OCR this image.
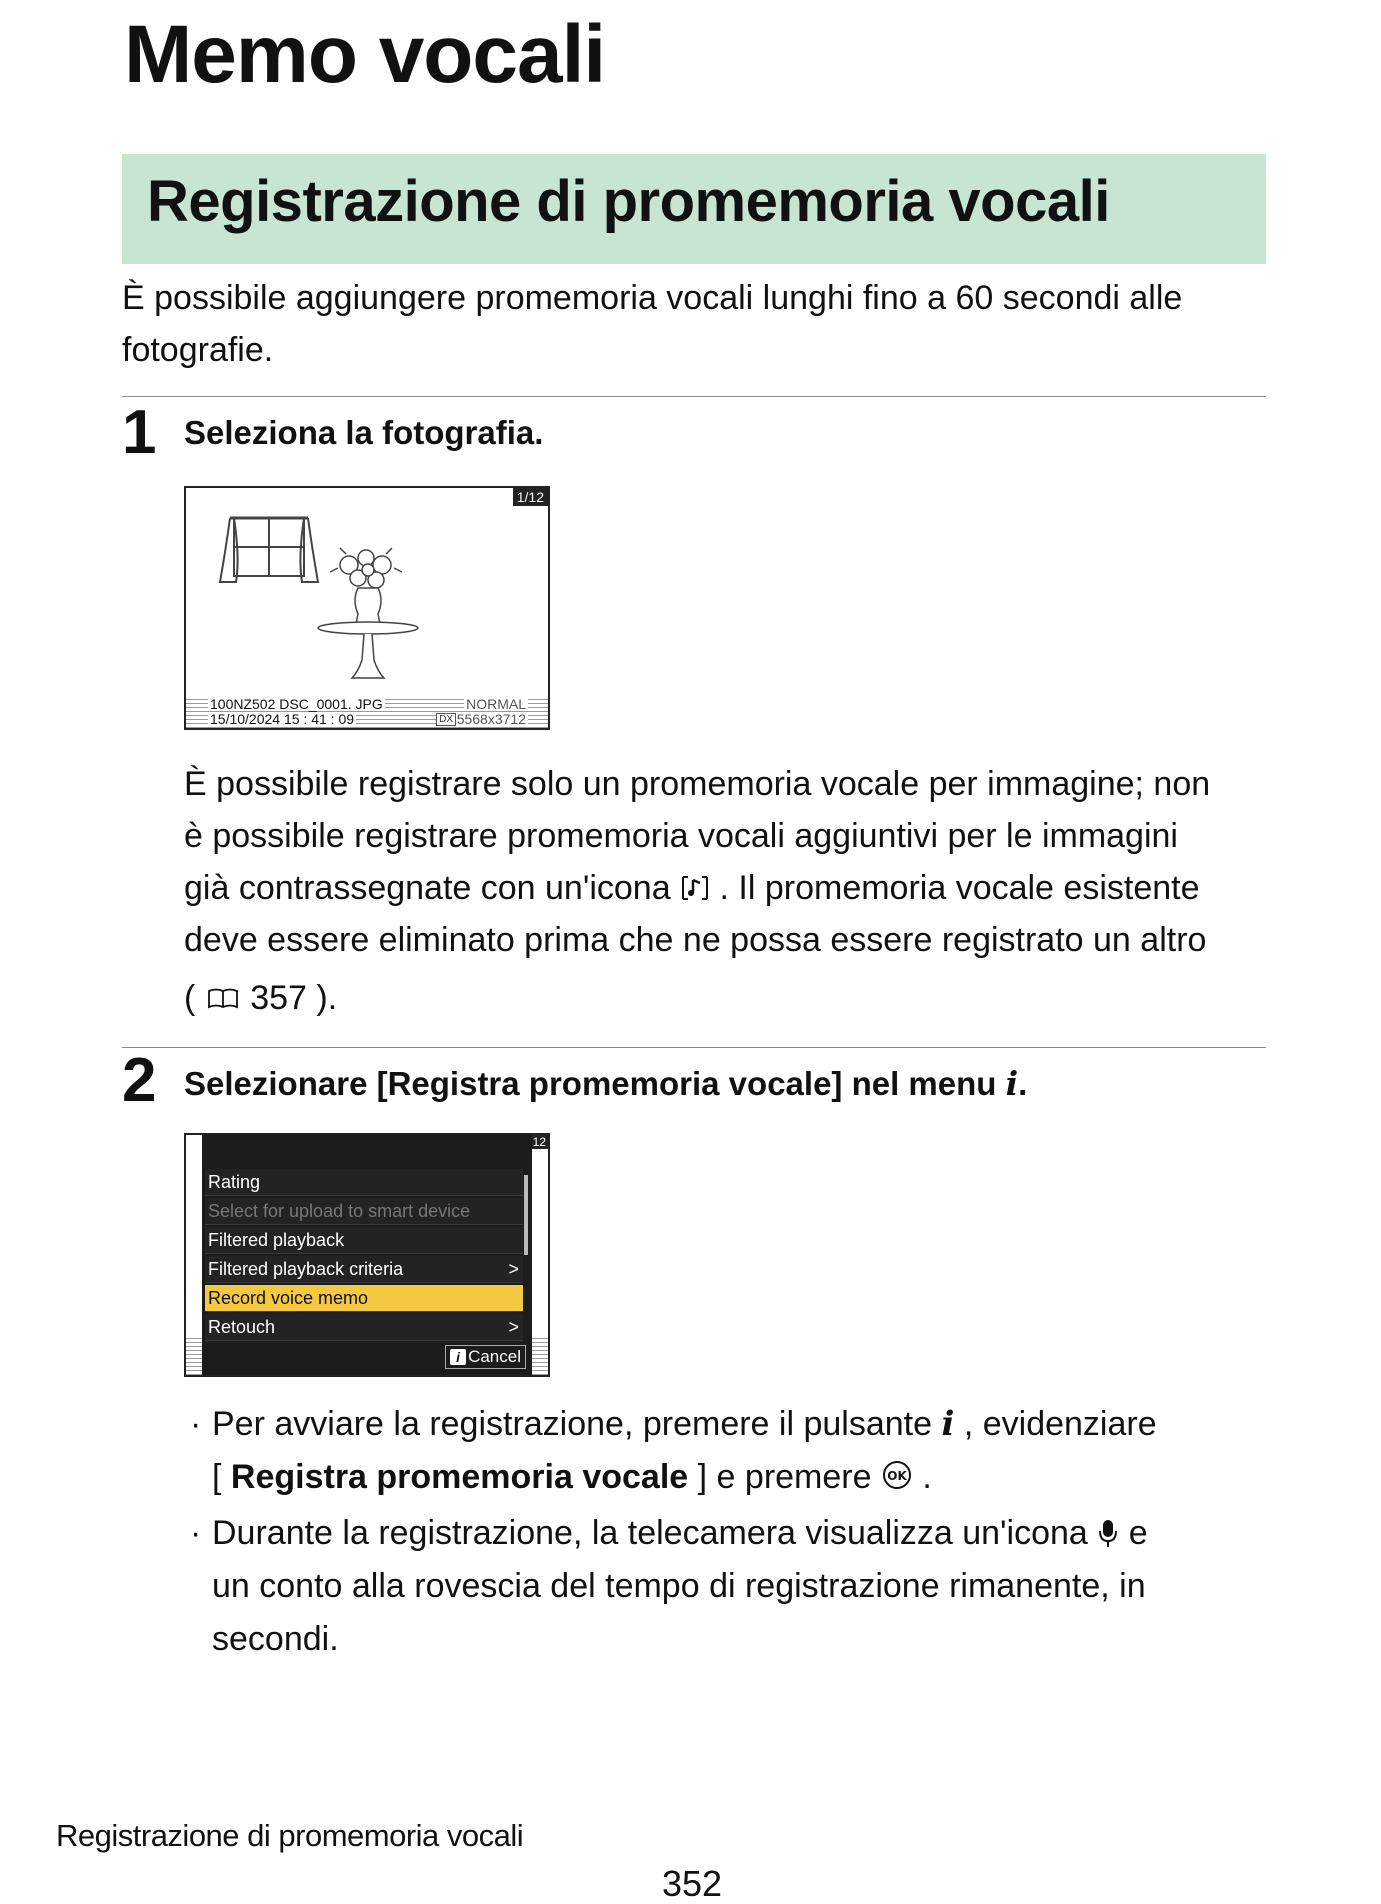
Memo vocali
Registrazione di promemoria vocali
È possibile aggiungere promemoria vocali lunghi fino a 60 secondi alle
fotografie.
1 Seleziona la fotografia.
1/12
100NZ502 DSC_0001. JPG
15/10/2024 15 : 41 : 09
NORMAL
5568x3712
DX
È possibile registrare solo un promemoria vocale per immagine; non
è possibile registrare promemoria vocali aggiuntivi per le immagini
già contrassegnate con un'icona . Il promemoria vocale esistente
deve essere eliminato prima che ne possa essere registrato un altro
( 357 ).
2 Selezionare [Registra promemoria vocale] nel menu 𝒊.
12
Rating
Select for upload to smart device
Filtered playback
Filtered playback criteria	>
Record voice memo
Retouch	>
i Cancel
· Per avviare la registrazione, premere il pulsante 𝒊 , evidenziare
[ Registra promemoria vocale ] e premere OK .
· Durante la registrazione, la telecamera visualizza un'icona e
un conto alla rovescia del tempo di registrazione rimanente, in
secondi.
Registrazione di promemoria vocali
352
